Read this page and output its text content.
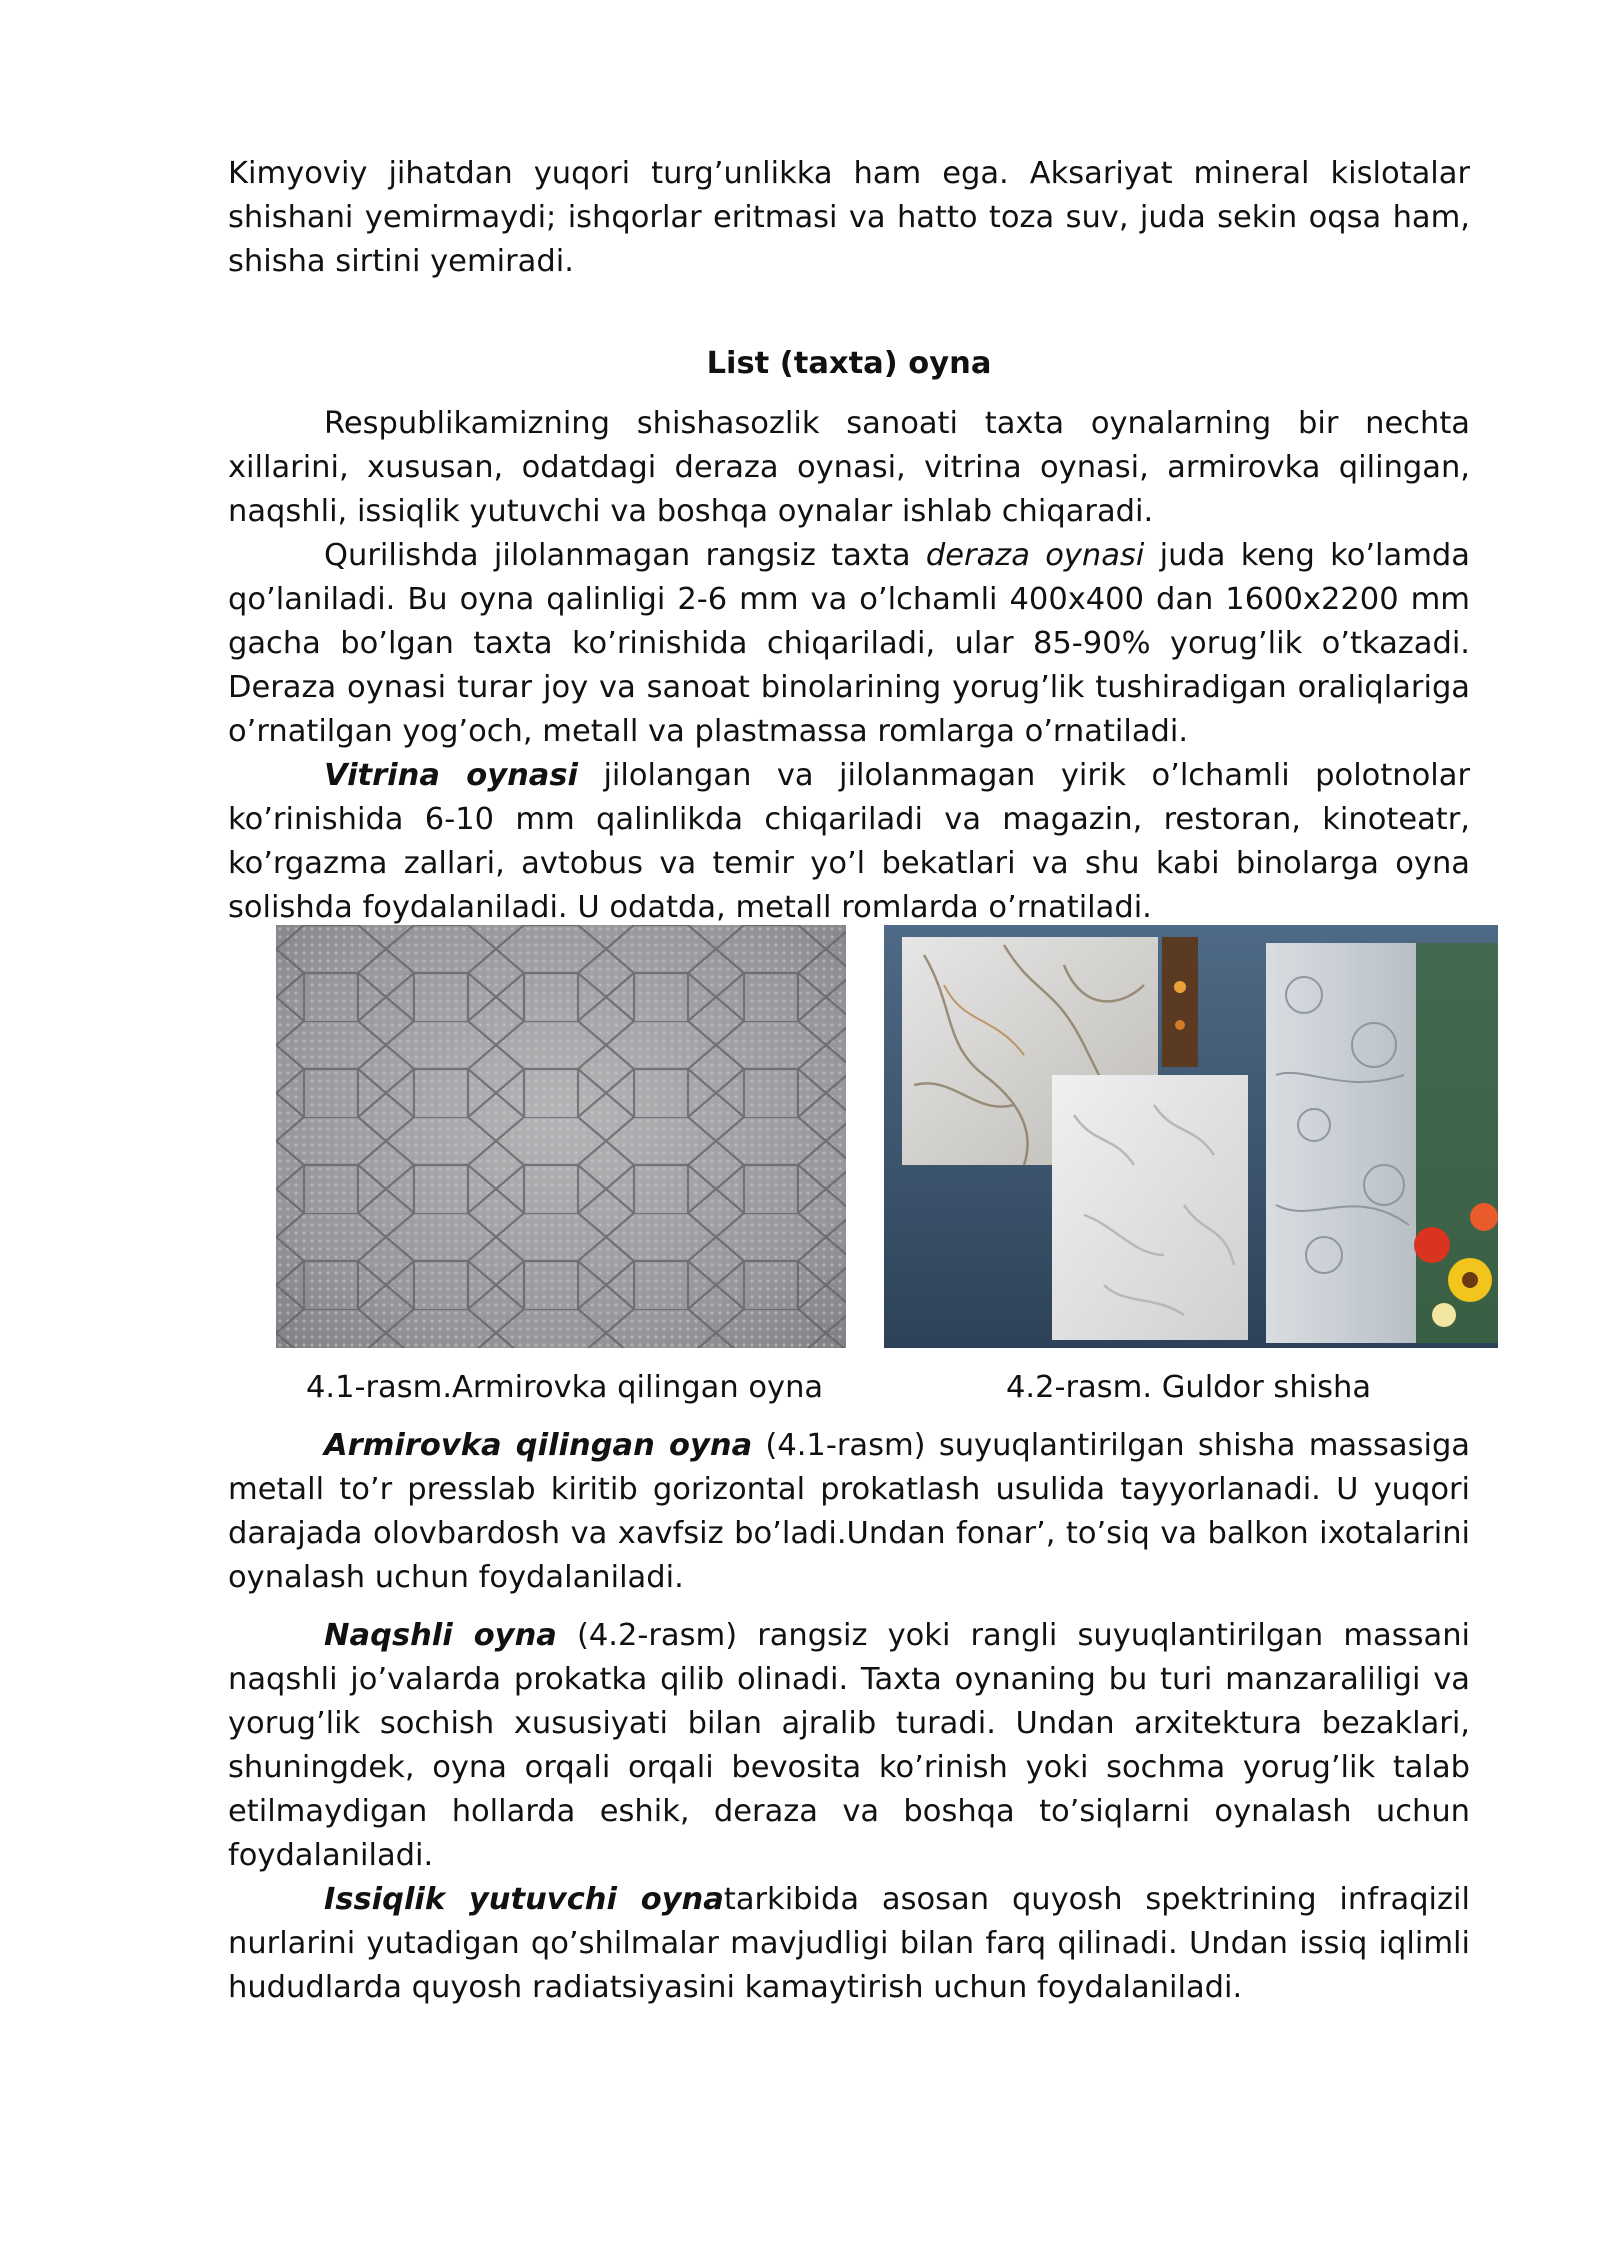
Kimyoviy jihatdan yuqori turg’unlikka ham ega. Aksariyat mineral kislotalar shishani yemirmaydi; ishqorlar eritmasi va hatto toza suv, juda sekin oqsa ham, shisha sirtini yemiradi.

List (taxta) oyna

Respublikamizning shishasozlik sanoati taxta oynalarning bir nechta xillarini, xususan, odatdagi deraza oynasi, vitrina oynasi, armirovka qilingan, naqshli, issiqlik yutuvchi va boshqa oynalar ishlab chiqaradi.

Qurilishda jilolanmagan rangsiz taxta deraza oynasi juda keng ko’lamda qo’laniladi. Bu oyna qalinligi 2-6 mm va o’lchamli 400x400 dan 1600x2200 mm gacha bo’lgan taxta ko’rinishida chiqariladi, ular 85-90% yorug’lik o’tkazadi. Deraza oynasi turar joy va sanoat binolarining yorug’lik tushiradigan oraliqlariga o’rnatilgan yog’och, metall va plastmassa romlarga o’rnatiladi.

Vitrina oynasi jilolangan va jilolanmagan yirik o’lchamli polotnolar ko’rinishida 6-10 mm qalinlikda chiqariladi va magazin, restoran, kinoteatr, ko’rgazma zallari, avtobus va temir yo’l bekatlari va shu kabi binolarga oyna solishda foydalaniladi. U odatda, metall romlarda o’rnatiladi.

4.1-rasm.Armirovka qilingan oyna	4.2-rasm. Guldor shisha

Armirovka qilingan oyna (4.1-rasm) suyuqlantirilgan shisha massasiga metall to’r presslab kiritib gorizontal prokatlash usulida tayyorlanadi. U yuqori darajada olovbardosh va xavfsiz bo’ladi.Undan fonar’, to’siq va balkon ixotalarini oynalash uchun foydalaniladi.

Naqshli oyna (4.2-rasm) rangsiz yoki rangli suyuqlantirilgan massani naqshli jo’valarda prokatka qilib olinadi. Taxta oynaning bu turi manzaraliligi va yorug’lik sochish xususiyati bilan ajralib turadi. Undan arxitektura bezaklari, shuningdek, oyna orqali orqali bevosita ko’rinish yoki sochma yorug’lik talab etilmaydigan hollarda eshik, deraza va boshqa to’siqlarni oynalash uchun foydalaniladi.

Issiqlik yutuvchi oynatarkibida asosan quyosh spektrining infraqizil nurlarini yutadigan qo’shilmalar mavjudligi bilan farq qilinadi. Undan issiq iqlimli hududlarda quyosh radiatsiyasini kamaytirish uchun foydalaniladi.
